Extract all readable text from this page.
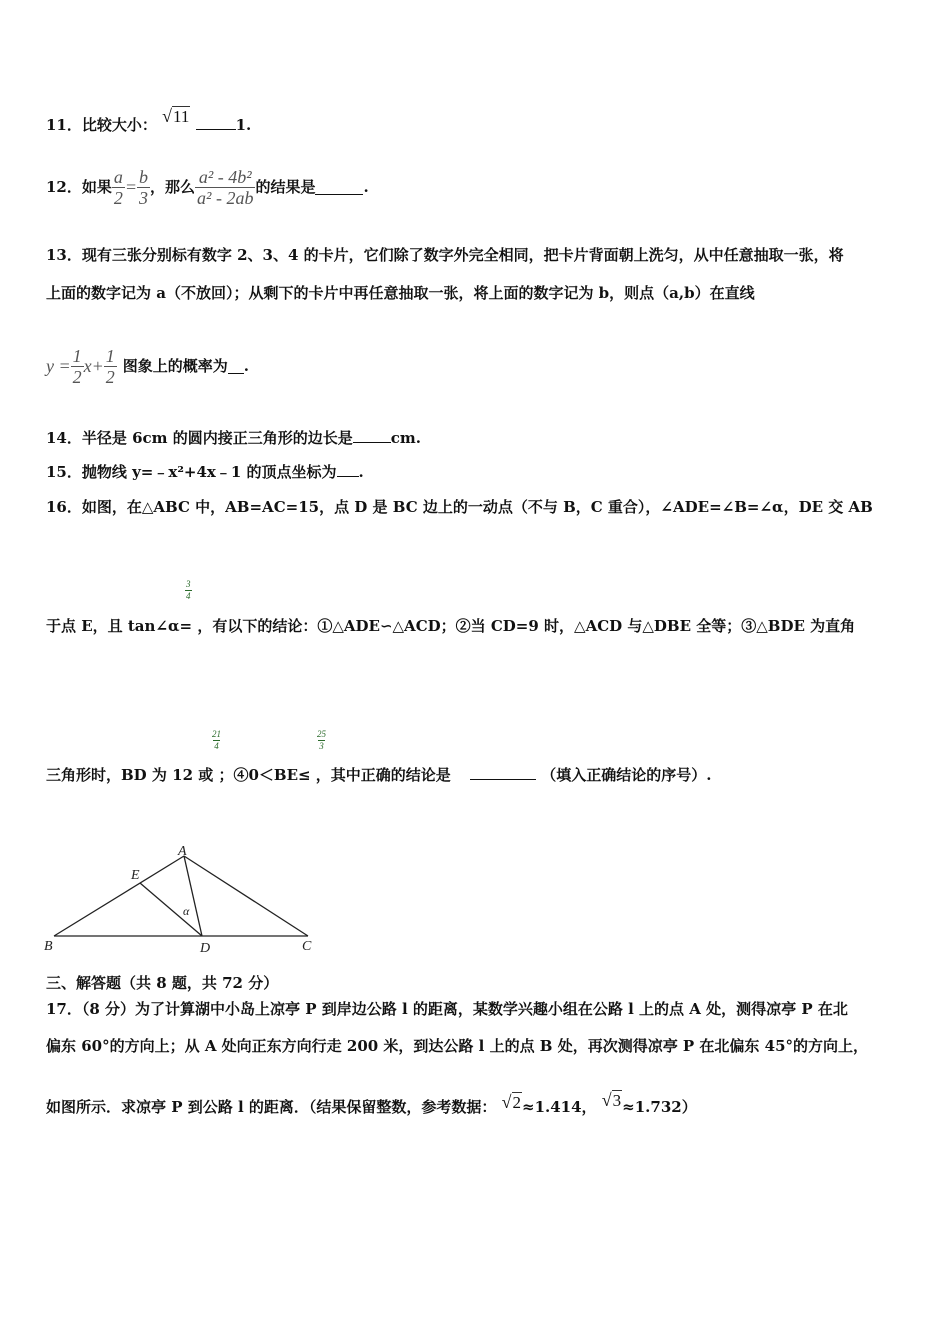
11．比较大小： √11	1.
12．如果 $\frac{a}{2} = \frac{b}{3}$ ，那么 $\frac{\text{a² - 4b²}}{\text{a² - 2ab}}$ 的结果是	.
13．现有三张分别标有数字 2、3、4 的卡片，它们除了数字外完全相同，把卡片背面朝上洗匀，从中任意抽取一张，将
上面的数字记为 a（不放回）；从剩下的卡片中再任意抽取一张，将上面的数字记为 b，则点（a,b）在直线
$y = \frac{1}{2} x+ \frac{1}{2}$ 图象上的概率为 .
14．半径是 6cm 的圆内接正三角形的边长是	cm.
15．抛物线 y=﹣x²+4x﹣1 的顶点坐标为 .
16．如图，在△ABC 中，AB=AC=15，点 D 是 BC 边上的一动点（不与 B，C 重合），∠ADE=∠B=∠α，DE 交 AB
3
4
于点 E，且 tan∠α= ，有以下的结论：①△ADE∽△ACD；②当 CD=9 时，△ACD 与△DBE 全等；③△BDE 为直角
21
4
25
3
三角形时，BD 为 12 或 ；④0＜BE≤ ，其中正确的结论是	（填入正确结论的序号）.
A
B	C
D
E
α
三、解答题（共 8 题，共 72 分）
17．（8 分）为了计算湖中小岛上凉亭 P 到岸边公路 l 的距离，某数学兴趣小组在公路 l 上的点 A 处，测得凉亭 P 在北
偏东 60°的方向上；从 A 处向正东方向行走 200 米，到达公路 l 上的点 B 处，再次测得凉亭 P 在北偏东 45°的方向上，
如图所示．求凉亭 P 到公路 l 的距离．（结果保留整数，参考数据： √2≈1.414， √3≈1.732）
